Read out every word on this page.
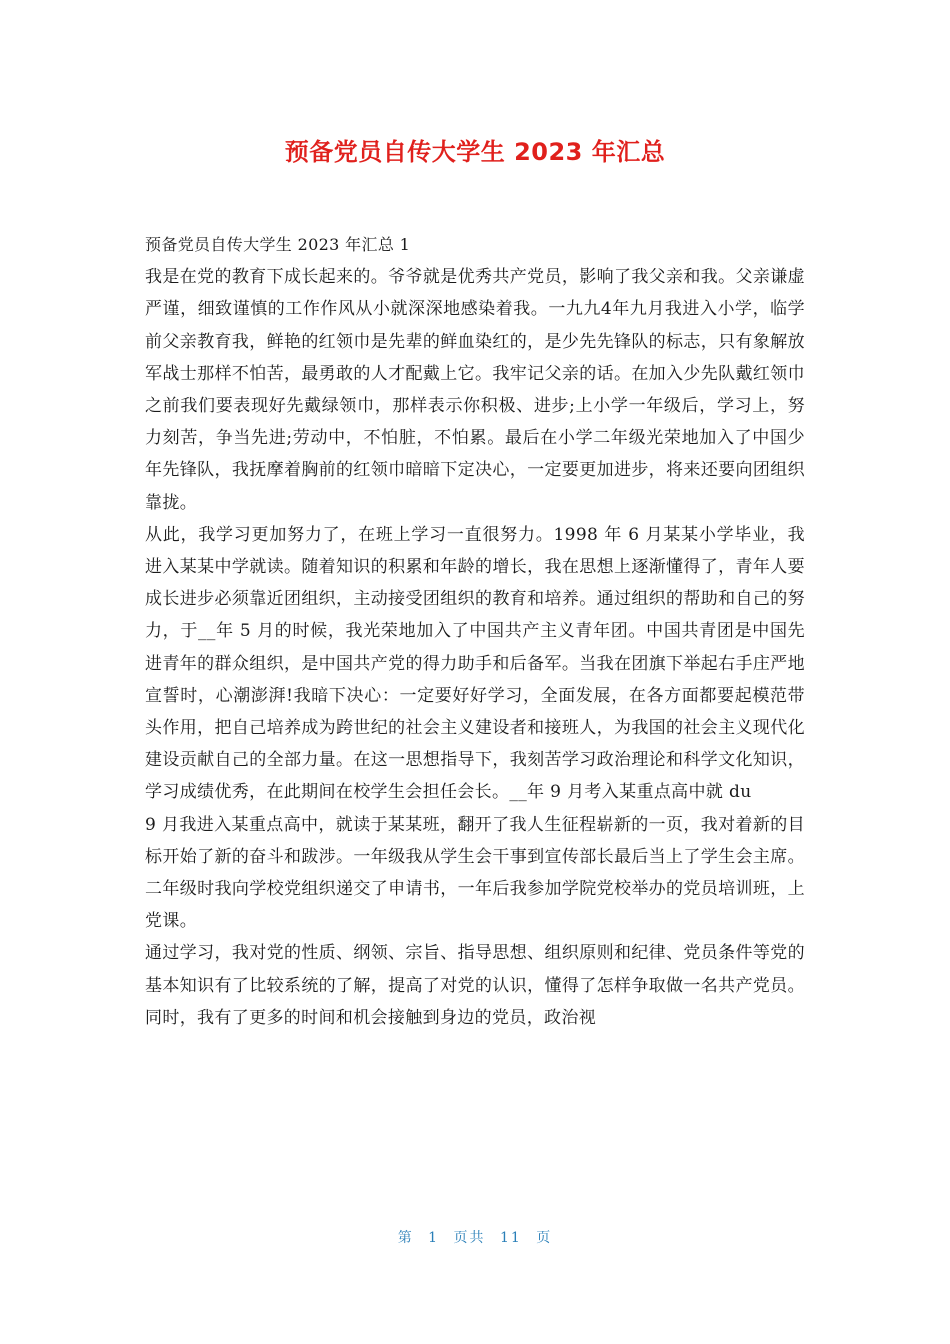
预备党员自传大学生 2023 年汇总

预备党员自传大学生 2023 年汇总 1

我是在党的教育下成长起来的。爷爷就是优秀共产党员，影响了我父亲和我。父亲谦虚严谨，细致谨慎的工作作风从小就深深地感染着我。一九九4年九月我进入小学，临学前父亲教育我，鲜艳的红领巾是先辈的鲜血染红的，是少先先锋队的标志，只有象解放军战士那样不怕苦，最勇敢的人才配戴上它。我牢记父亲的话。在加入少先队戴红领巾之前我们要表现好先戴绿领巾，那样表示你积极、进步;上小学一年级后，学习上，努力刻苦，争当先进;劳动中，不怕脏，不怕累。最后在小学二年级光荣地加入了中国少年先锋队，我抚摩着胸前的红领巾暗暗下定决心，一定要更加进步，将来还要向团组织靠拢。

从此，我学习更加努力了，在班上学习一直很努力。1998 年 6 月某某小学毕业，我进入某某中学就读。随着知识的积累和年龄的增长，我在思想上逐渐懂得了，青年人要成长进步必须靠近团组织，主动接受团组织的教育和培养。通过组织的帮助和自己的努力，于__年 5 月的时候，我光荣地加入了中国共产主义青年团。中国共青团是中国先进青年的群众组织，是中国共产党的得力助手和后备军。当我在团旗下举起右手庄严地宣誓时，心潮澎湃!我暗下决心：一定要好好学习，全面发展，在各方面都要起模范带头作用，把自己培养成为跨世纪的社会主义建设者和接班人，为我国的社会主义现代化建设贡献自己的全部力量。在这一思想指导下，我刻苦学习政治理论和科学文化知识，学习成绩优秀，在此期间在校学生会担任会长。__年 9 月考入某重点高中就 du

9 月我进入某重点高中，就读于某某班，翻开了我人生征程崭新的一页，我对着新的目标开始了新的奋斗和跋涉。一年级我从学生会干事到宣传部长最后当上了学生会主席。二年级时我向学校党组织递交了申请书，一年后我参加学院党校举办的党员培训班，上党课。

通过学习，我对党的性质、纲领、宗旨、指导思想、组织原则和纪律、党员条件等党的基本知识有了比较系统的了解，提高了对党的认识，懂得了怎样争取做一名共产党员。同时，我有了更多的时间和机会接触到身边的党员，政治视

第 1 页共 11 页
